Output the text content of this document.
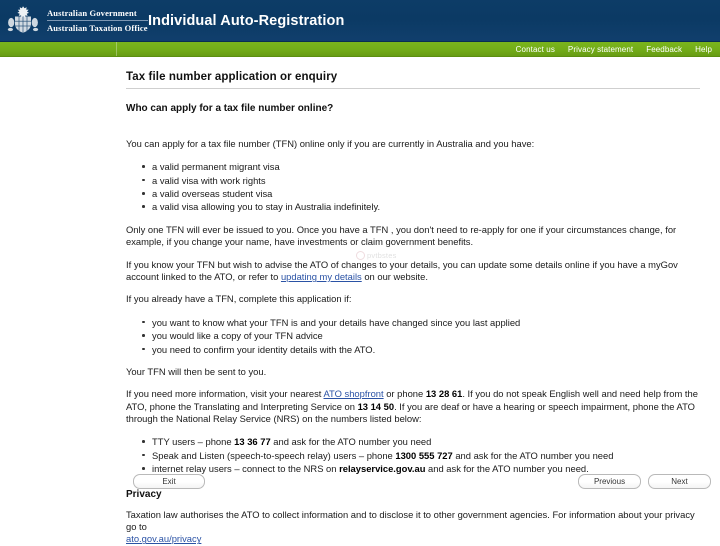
Australian Government
Australian Taxation Office Individual Auto-Registration
Contact us Privacy statement Feedback Help
Tax file number application or enquiry
Who can apply for a tax file number online?

You can apply for a tax file number (TFN) online only if you are currently in Australia and you have:

a valid permanent migrant visa
a valid visa with work rights
a valid overseas student visa
a valid visa allowing you to stay in Australia indefinitely.

Only one TFN will ever be issued to you. Once you have a TFN , you don't need to re-apply for one if your circumstances change, for example, if you change your name, have investments or claim government benefits.

If you know your TFN but wish to advise the ATO of changes to your details, you can update some details online if you have a myGov account linked to the ATO, or refer to updating my details on our website.

If you already have a TFN, complete this application if:

you want to know what your TFN is and your details have changed since you last applied
you would like a copy of your TFN advice
you need to confirm your identity details with the ATO.

Your TFN will then be sent to you.

If you need more information, visit your nearest ATO shopfront or phone 13 28 61. If you do not speak English well and need help from the ATO, phone the Translating and Interpreting Service on 13 14 50. If you are deaf or have a hearing or speech impairment, phone the ATO through the National Relay Service (NRS) on the numbers listed below:

TTY users – phone 13 36 77 and ask for the ATO number you need
Speak and Listen (speech-to-speech relay) users – phone 1300 555 727 and ask for the ATO number you need
internet relay users – connect to the NRS on relayservice.gov.au and ask for the ATO number you need.
Privacy

Taxation law authorises the ATO to collect information and to disclose it to other government agencies. For information about your privacy go to
ato.gov.au/privacy

pvtbstes
Exit	Previous	Next
